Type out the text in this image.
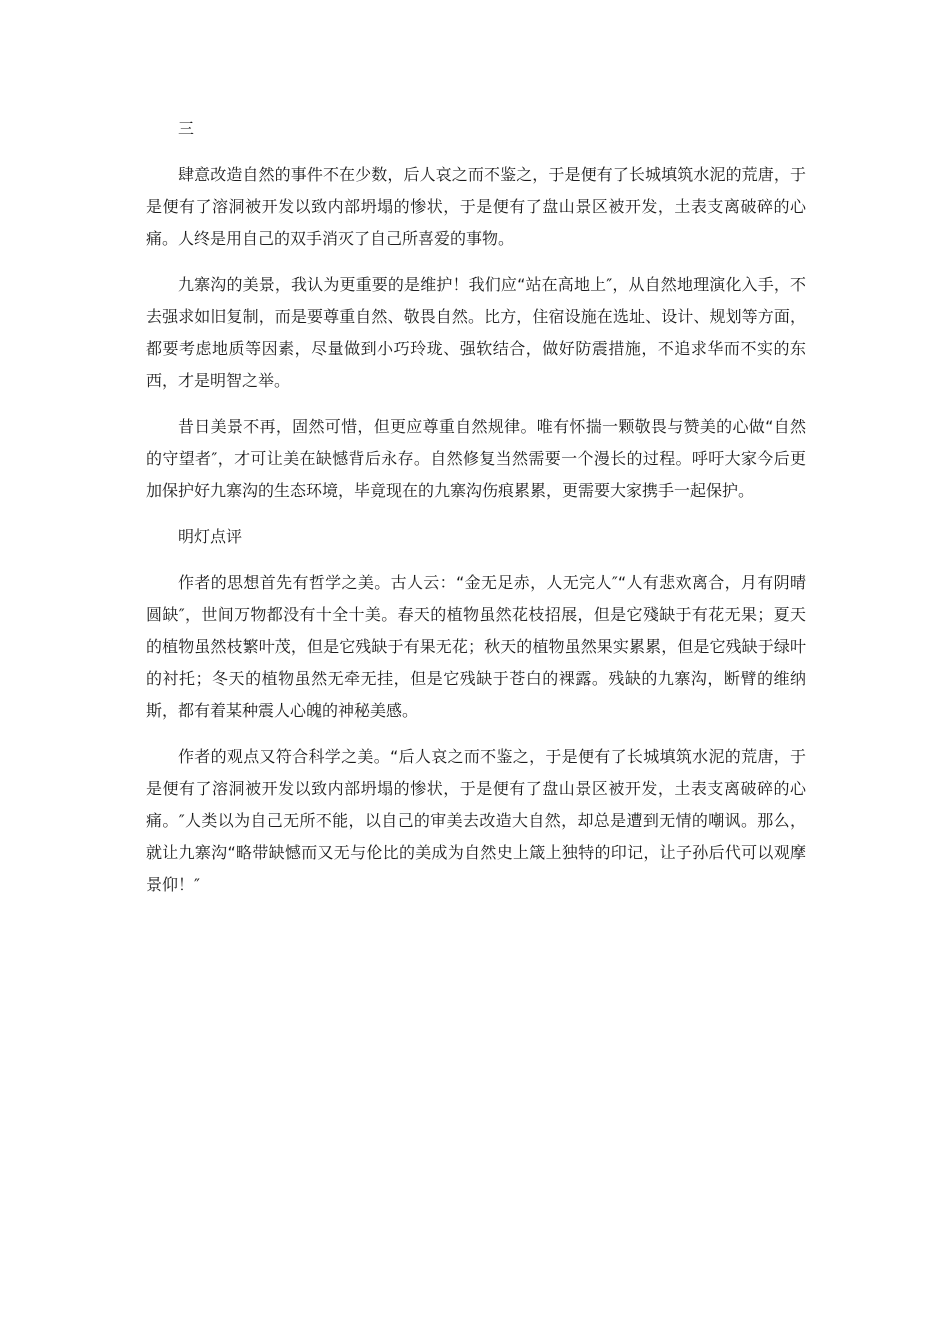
三

肆意改造自然的事件不在少数，后人哀之而不鉴之，于是便有了长城填筑水泥的荒唐，于是便有了溶洞被开发以致内部坍塌的惨状，于是便有了盘山景区被开发，土表支离破碎的心痛。人终是用自己的双手消灭了自己所喜爱的事物。

九寨沟的美景，我认为更重要的是维护！我们应“站在高地上″，从自然地理演化入手，不去强求如旧复制，而是要尊重自然、敬畏自然。比方，住宿设施在选址、设计、规划等方面，都要考虑地质等因素，尽量做到小巧玲珑、强软结合，做好防震措施，不追求华而不实的东西，才是明智之举。

昔日美景不再，固然可惜，但更应尊重自然规律。唯有怀揣一颗敬畏与赞美的心做“自然的守望者″，才可让美在缺憾背后永存。自然修复当然需要一个漫长的过程。呼吁大家今后更加保护好九寨沟的生态环境，毕竟现在的九寨沟伤痕累累，更需要大家携手一起保护。

明灯点评

作者的思想首先有哲学之美。古人云：“金无足赤，人无完人″“人有悲欢离合，月有阴晴圆缺″，世间万物都没有十全十美。春天的植物虽然花枝招展，但是它殘缺于有花无果；夏天的植物虽然枝繁叶茂，但是它残缺于有果无花；秋天的植物虽然果实累累，但是它残缺于绿叶的衬托；冬天的植物虽然无牵无挂，但是它残缺于苍白的裸露。残缺的九寨沟，断臂的维纳斯，都有着某种震人心魄的神秘美感。

作者的观点又符合科学之美。“后人哀之而不鉴之，于是便有了长城填筑水泥的荒唐，于是便有了溶洞被开发以致内部坍塌的惨状，于是便有了盘山景区被开发，土表支离破碎的心痛。″人类以为自己无所不能，以自己的审美去改造大自然，却总是遭到无情的嘲讽。那么，就让九寨沟“略带缺憾而又无与伦比的美成为自然史上箴上独特的印记，让子孙后代可以观摩景仰！″
